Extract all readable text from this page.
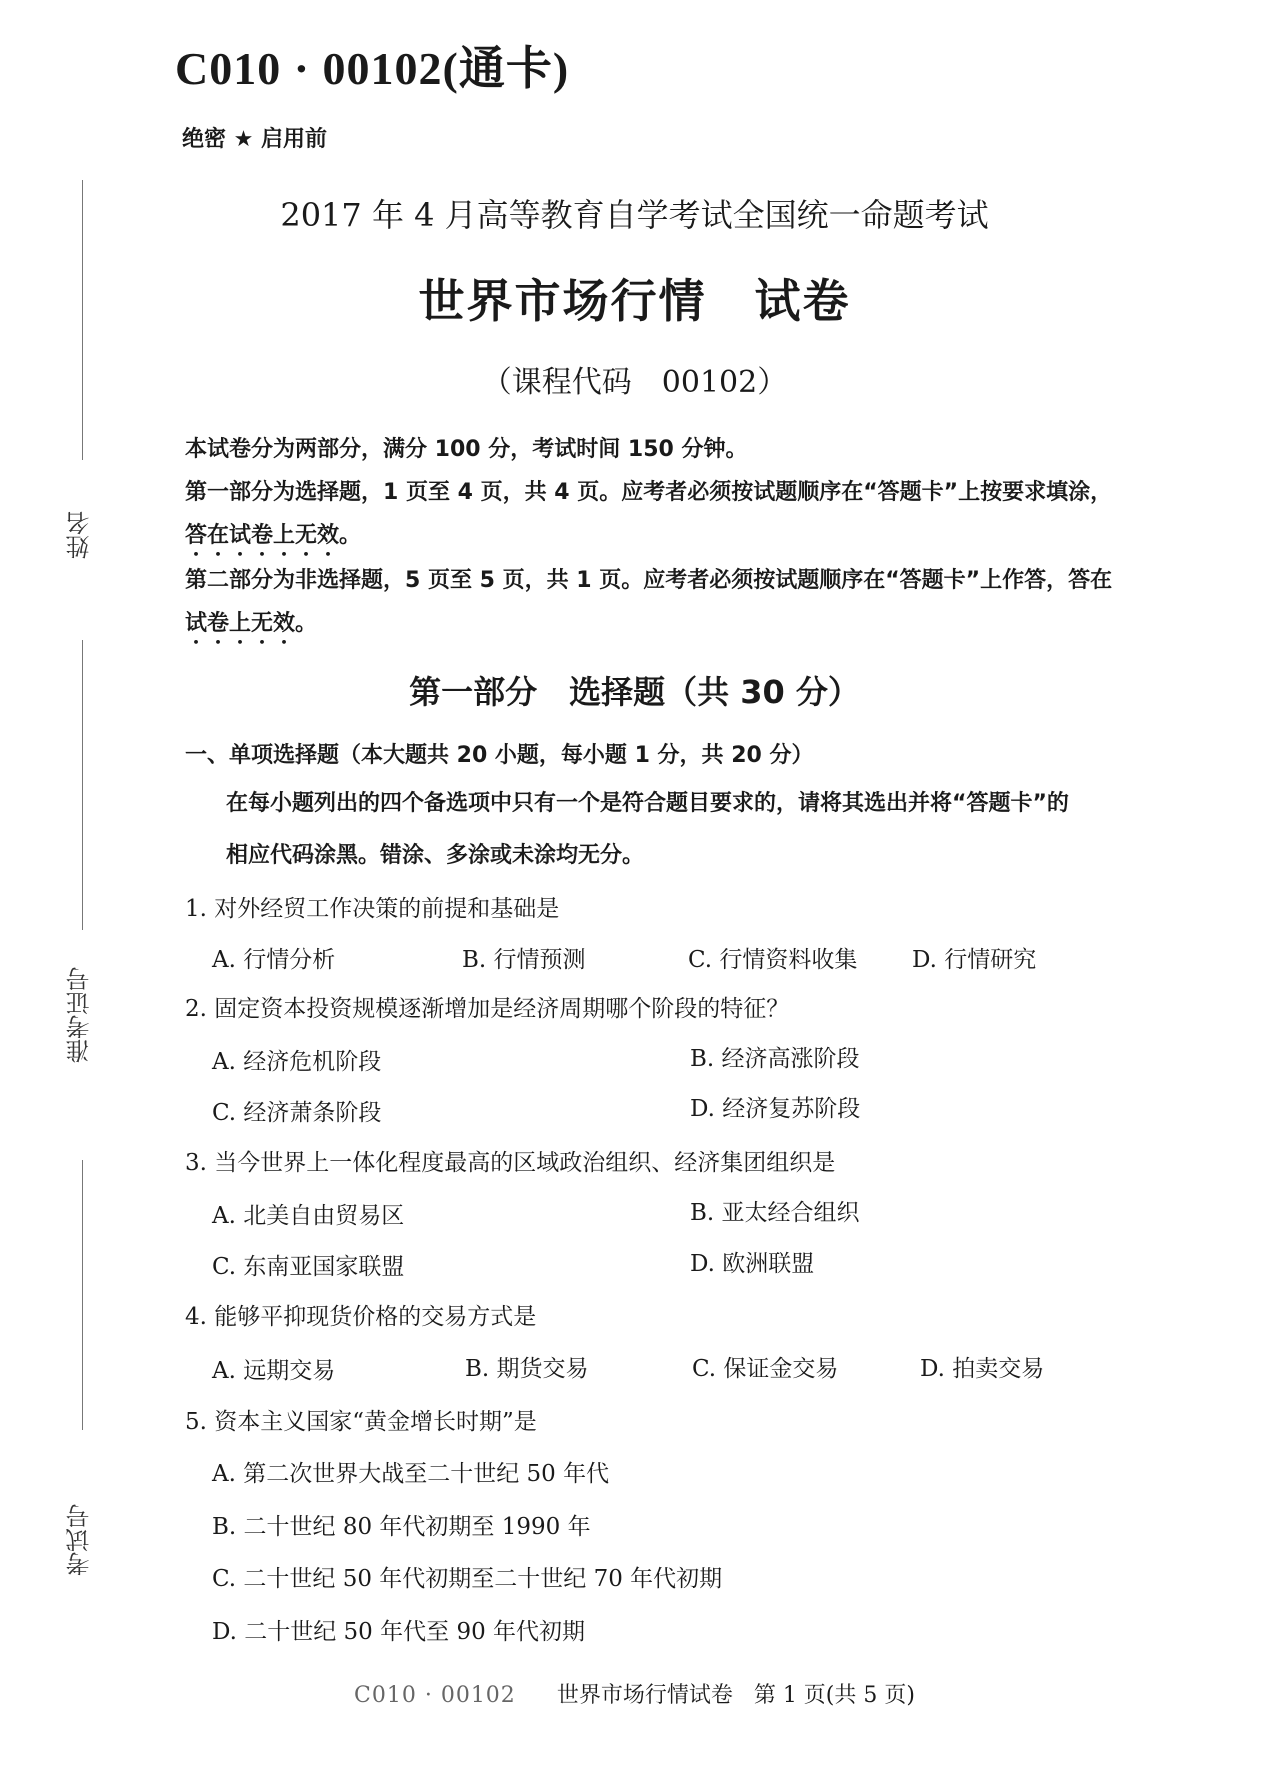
姓名
准考证号
考试号
C010 · 00102(通卡)
绝密 ★ 启用前
2017 年 4 月高等教育自学考试全国统一命题考试
世界市场行情　试卷
（课程代码　00102）
本试卷分为两部分，满分 100 分，考试时间 150 分钟。
第一部分为选择题，1 页至 4 页，共 4 页。应考者必须按试题顺序在“答题卡”上按要求填涂，
答在试卷上无效。
第二部分为非选择题，5 页至 5 页，共 1 页。应考者必须按试题顺序在“答题卡”上作答，答在
试卷上无效。
第一部分　选择题（共 30 分）
一、单项选择题（本大题共 20 小题，每小题 1 分，共 20 分）
在每小题列出的四个备选项中只有一个是符合题目要求的，请将其选出并将“答题卡”的
相应代码涂黑。错涂、多涂或未涂均无分。
1. 对外经贸工作决策的前提和基础是
A. 行情分析	B. 行情预测	C. 行情资料收集 D. 行情研究
2. 固定资本投资规模逐渐增加是经济周期哪个阶段的特征？
A. 经济危机阶段	B. 经济高涨阶段
C. 经济萧条阶段	D. 经济复苏阶段
3. 当今世界上一体化程度最高的区域政治组织、经济集团组织是
A. 北美自由贸易区	B. 亚太经合组织
C. 东南亚国家联盟	D. 欧洲联盟
4. 能够平抑现货价格的交易方式是
A. 远期交易	B. 期货交易	C. 保证金交易	D. 拍卖交易
5. 资本主义国家“黄金增长时期”是
A. 第二次世界大战至二十世纪 50 年代
B. 二十世纪 80 年代初期至 1990 年
C. 二十世纪 50 年代初期至二十世纪 70 年代初期
D. 二十世纪 50 年代至 90 年代初期
C010 · 00102 世界市场行情试卷 第 1 页(共 5 页)
